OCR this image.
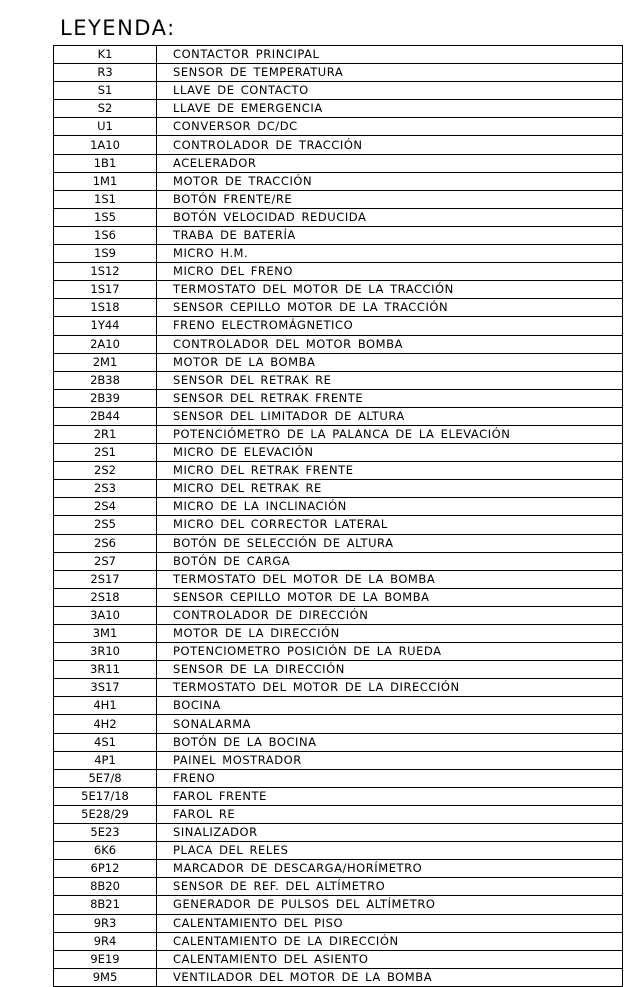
LEYENDA:
K1	CONTACTOR PRINCIPAL
R3	SENSOR DE TEMPERATURA
S1	LLAVE DE CONTACTO
S2	LLAVE DE EMERGENCIA
U1	CONVERSOR DC/DC
1A10	CONTROLADOR DE TRACCIÓN
1B1	ACELERADOR
1M1	MOTOR DE TRACCIÓN
1S1	BOTÓN FRENTE/RE
1S5	BOTÓN VELOCIDAD REDUCIDA
1S6	TRABA DE BATERÍA
1S9	MICRO H.M.
1S12	MICRO DEL FRENO
1S17	TERMOSTATO DEL MOTOR DE LA TRACCIÓN
1S18	SENSOR CEPILLO MOTOR DE LA TRACCIÓN
1Y44	FRENO ELECTROMÁGNETICO
2A10	CONTROLADOR DEL MOTOR BOMBA
2M1	MOTOR DE LA BOMBA
2B38	SENSOR DEL RETRAK RE
2B39	SENSOR DEL RETRAK FRENTE
2B44	SENSOR DEL LIMITADOR DE ALTURA
2R1	POTENCIÓMETRO DE LA PALANCA DE LA ELEVACIÓN
2S1	MICRO DE ELEVACIÓN
2S2	MICRO DEL RETRAK FRENTE
2S3	MICRO DEL RETRAK RE
2S4	MICRO DE LA INCLINACIÓN
2S5	MICRO DEL CORRECTOR LATERAL
2S6	BOTÓN DE SELECCIÓN DE ALTURA
2S7	BOTÓN DE CARGA
2S17	TERMOSTATO DEL MOTOR DE LA BOMBA
2S18	SENSOR CEPILLO MOTOR DE LA BOMBA
3A10	CONTROLADOR DE DIRECCIÓN
3M1	MOTOR DE LA DIRECCIÓN
3R10	POTENCIOMETRO POSICIÓN DE LA RUEDA
3R11	SENSOR DE LA DIRECCIÓN
3S17	TERMOSTATO DEL MOTOR DE LA DIRECCIÓN
4H1	BOCINA
4H2	SONALARMA
4S1	BOTÓN DE LA BOCINA
4P1	PAINEL MOSTRADOR
5E7/8	FRENO
5E17/18	FAROL FRENTE
5E28/29	FAROL RE
5E23	SINALIZADOR
6K6	PLACA DEL RELES
6P12	MARCADOR DE DESCARGA/HORÍMETRO
8B20	SENSOR DE REF. DEL ALTÍMETRO
8B21	GENERADOR DE PULSOS DEL ALTÍMETRO
9R3	CALENTAMIENTO DEL PISO
9R4	CALENTAMIENTO DE LA DIRECCIÓN
9E19	CALENTAMIENTO DEL ASIENTO
9M5	VENTILADOR DEL MOTOR DE LA BOMBA
